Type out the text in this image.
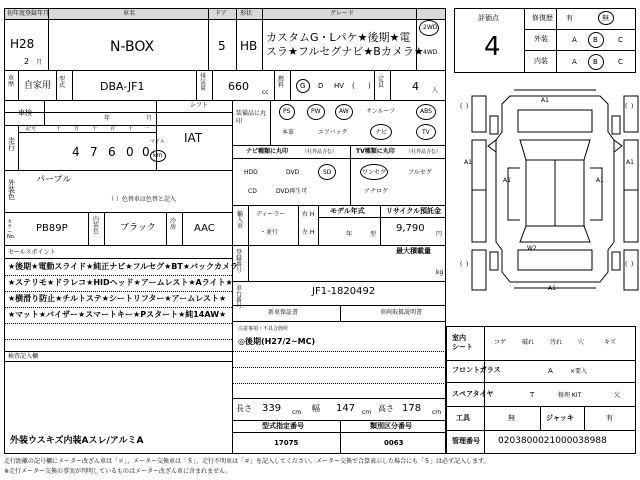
初年度登録年月	車名	ドア 形状	グレード
H28
2 月
N-BOX	5 HB
カスタムG・Lパケ★後期★電
スラ★フルセグナビ★Bカメラ★
2WD
4WD
車
歴 自家用
型式	DBA-JF1
排気量 660 cc
燃料 G D HV ( )
定員	4 人
車検
年	月
シフト
IAT
記号	十	万	千	百	十 一
走行	4 7 6 0 0
マイル
km
外装色
パープル
（ ）色替車は色替と記入
カラーNo.
PB89P
内装色 ブラック
冷房 AAC
装備品に丸印
PS	PW	AW	サンルーフ	ABS
本革	エアバック	ナビ	TV
ナビ種類に丸印	（社外品含む）	TV種類に丸印 （社外品含む）
HDD	DVD	SD
CD	DVD再生可
ワンセグ	フルセグ
アナログ
輸入車
ディーラー
・並行
右 H
左 H
モデル年式
年	型
リサイクル預託金
9,790
円
セールスポイント
★後期★電動スライド★純正ナビ★フルセグ★BT★バックカメラ
★ステリモ★ドラレコ★HIDヘッド★アームレスト★Aライト★
★横滑り防止★チルトステ★シートリフター★アームレスト★
★マット★バイザー★スマートキー★Pスタート★純14AW★
登録番号
最大積載量
kg
車台番号
JF1-1820492
新車保証書	車両取扱説明書
注意事項・不具合箇所
◎後期(H27/2~MC)
検査記入欄
外装ウスキズ内装Aスレ/アルミA
長さ 339 cm 幅 147 cm 高さ 178 cm
型式指定番号
17075
類別区分番号
0063
評価点
4
修復歴 有	無
外装	A B	C
内装	A B	C
A1
A1	A1
W2
A1
( )	( )
( )	( )
A1	A1
室内
シート
コゲ	破れ	汚れ	穴	キズ
フロントガラス	A	×要入
スペアタイヤ	T	修理 KIT	欠
工具	無	ジャッキ	有
管理番号 0203800021000038988
走行距離の記号欄にメーター改ざん車は「＊」、メーター交換車は「＄」、走行不明車は「＃」を記入してください。メーター交換で合算表示した場合にも「＄」は必ず記入します。
※走行メーター交換の事実が判明しているものはメーター改ざん車に含まれません。
